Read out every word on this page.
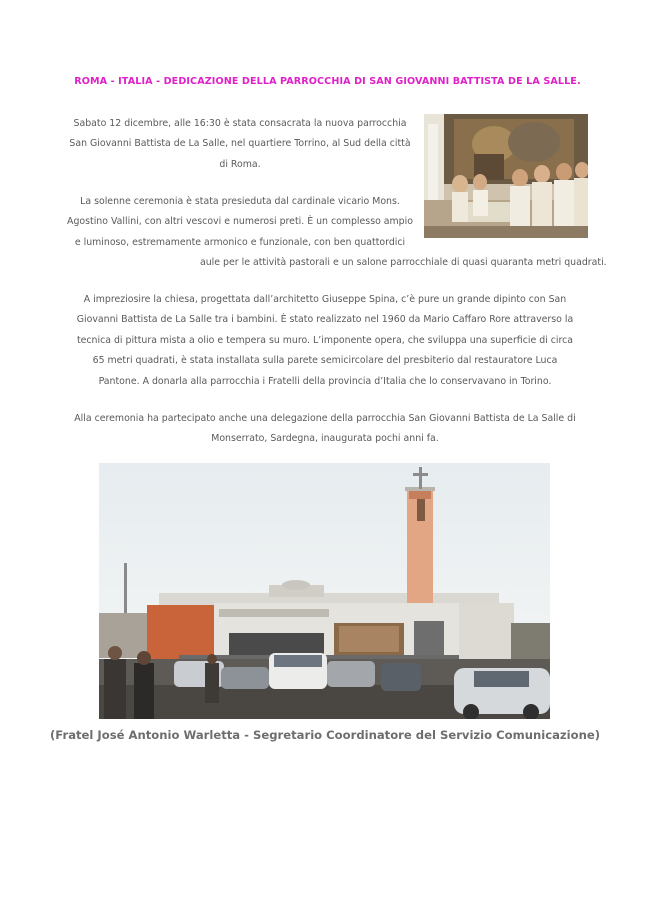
ROMA - ITALIA - DEDICAZIONE DELLA PARROCCHIA DI SAN GIOVANNI BATTISTA DE LA SALLE.
Sabato 12 dicembre, alle 16:30 è stata consacrata la nuova parrocchia
San Giovanni Battista de La Salle, nel quartiere Torrino, al Sud della città
di Roma.
La solenne ceremonia è stata presieduta dal cardinale vicario Mons.
Agostino Vallini, con altri vescovi e numerosi preti. È un complesso ampio
e luminoso, estremamente armonico e funzionale, con ben quattordici
aule per le attività pastorali e un salone parrocchiale di quasi quaranta metri quadrati.
A impreziosire la chiesa, progettata dall’architetto Giuseppe Spina, c’è pure un grande dipinto con San
Giovanni Battista de La Salle tra i bambini. È stato realizzato nel 1960 da Mario Caffaro Rore attraverso la
tecnica di pittura mista a olio e tempera su muro. L’imponente opera, che sviluppa una superficie di circa
65 metri quadrati, è stata installata sulla parete semicircolare del presbiterio dal restauratore Luca
Pantone. A donarla alla parrocchia i Fratelli della provincia d’Italia che lo conservavano in Torino.
Alla ceremonia ha partecipato anche una delegazione della parrocchia San Giovanni Battista de La Salle di
Monserrato, Sardegna, inaugurata pochi anni fa.
(Fratel José Antonio Warletta - Segretario Coordinatore del Servizio Comunicazione)
